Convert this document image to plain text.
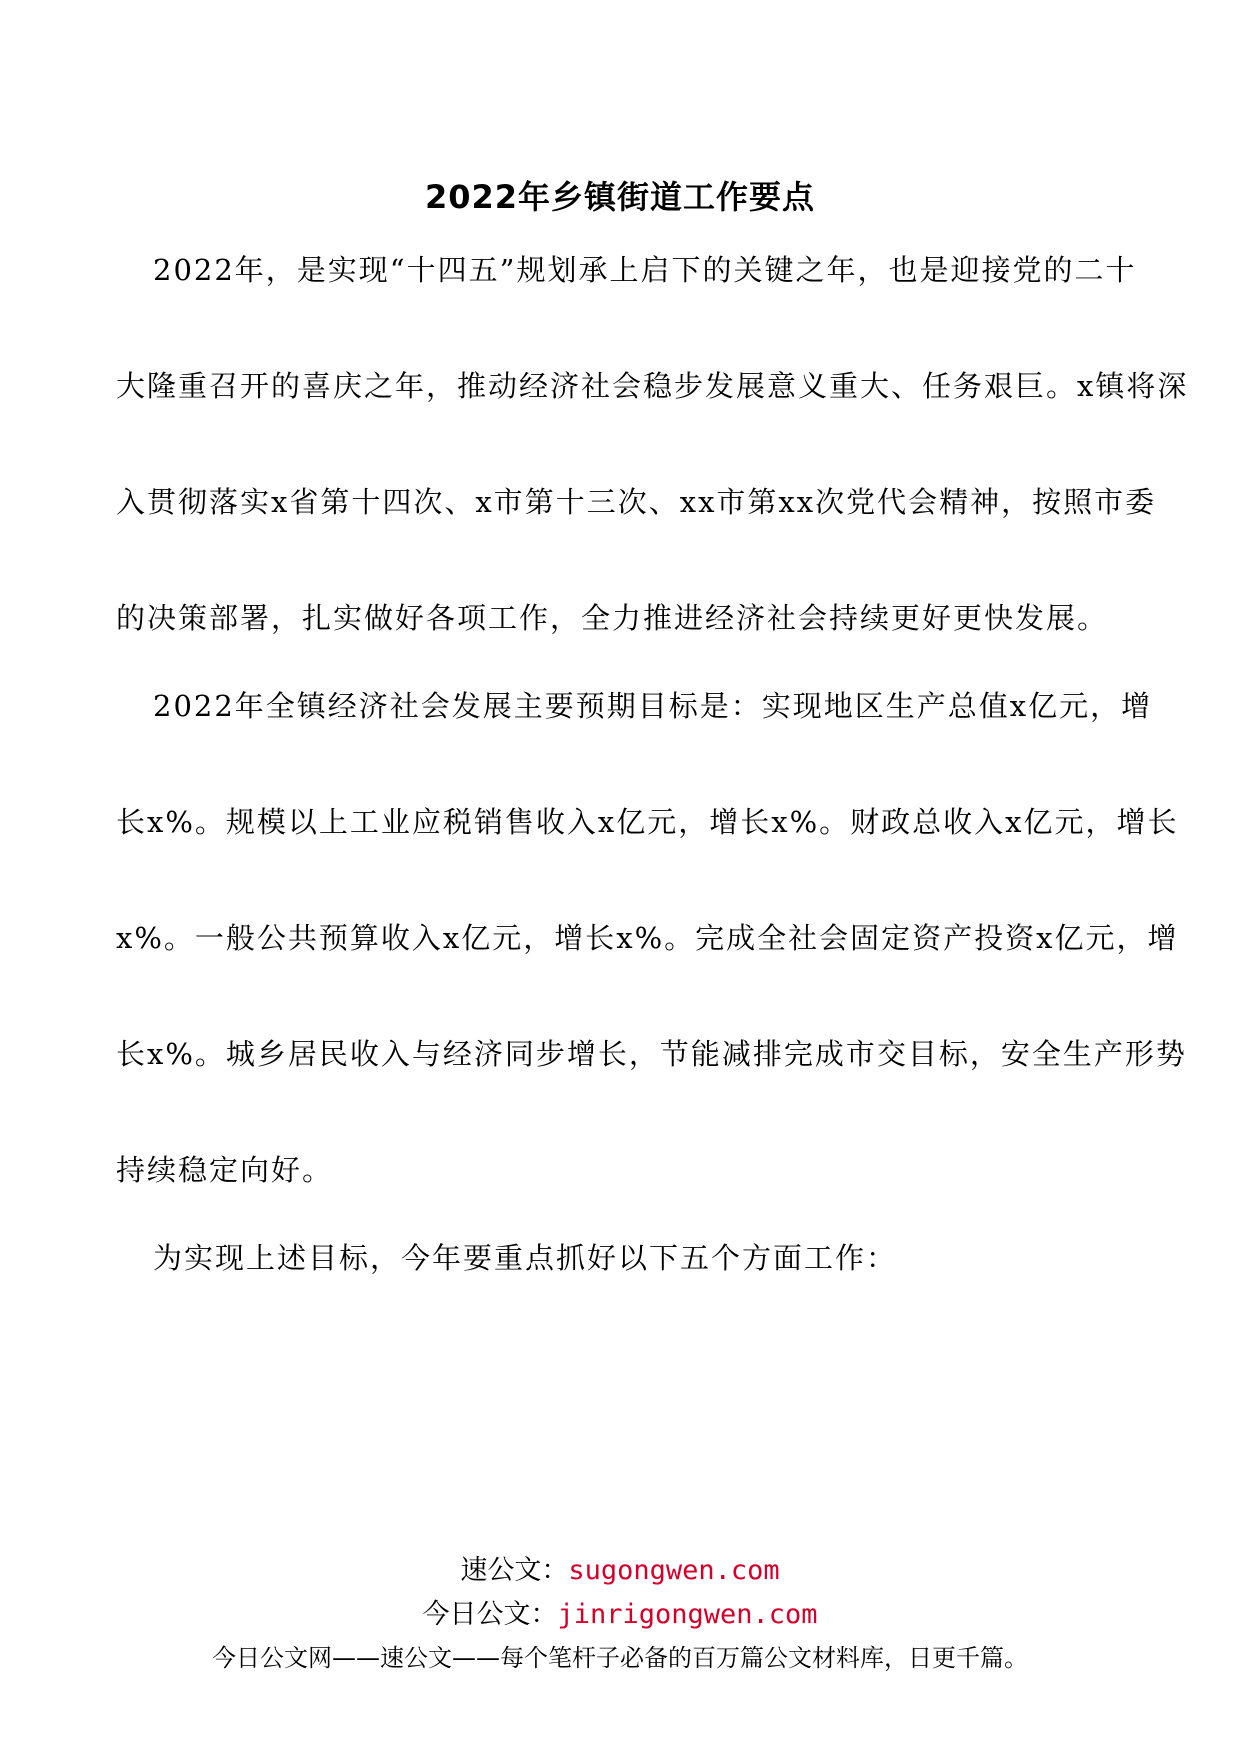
2022年乡镇街道工作要点

2022年，是实现“十四五”规划承上启下的关键之年，也是迎接党的二十

大隆重召开的喜庆之年，推动经济社会稳步发展意义重大、任务艰巨。x镇将深

入贯彻落实x省第十四次、x市第十三次、xx市第xx次党代会精神，按照市委

的决策部署，扎实做好各项工作，全力推进经济社会持续更好更快发展。

2022年全镇经济社会发展主要预期目标是：实现地区生产总值x亿元，增

长x%。规模以上工业应税销售收入x亿元，增长x%。财政总收入x亿元，增长

x%。一般公共预算收入x亿元，增长x%。完成全社会固定资产投资x亿元，增

长x%。城乡居民收入与经济同步增长，节能减排完成市交目标，安全生产形势

持续稳定向好。

为实现上述目标，今年要重点抓好以下五个方面工作：

速公文：sugongwen.com

今日公文：jinrigongwen.com

今日公文网——速公文——每个笔杆子必备的百万篇公文材料库，日更千篇。
